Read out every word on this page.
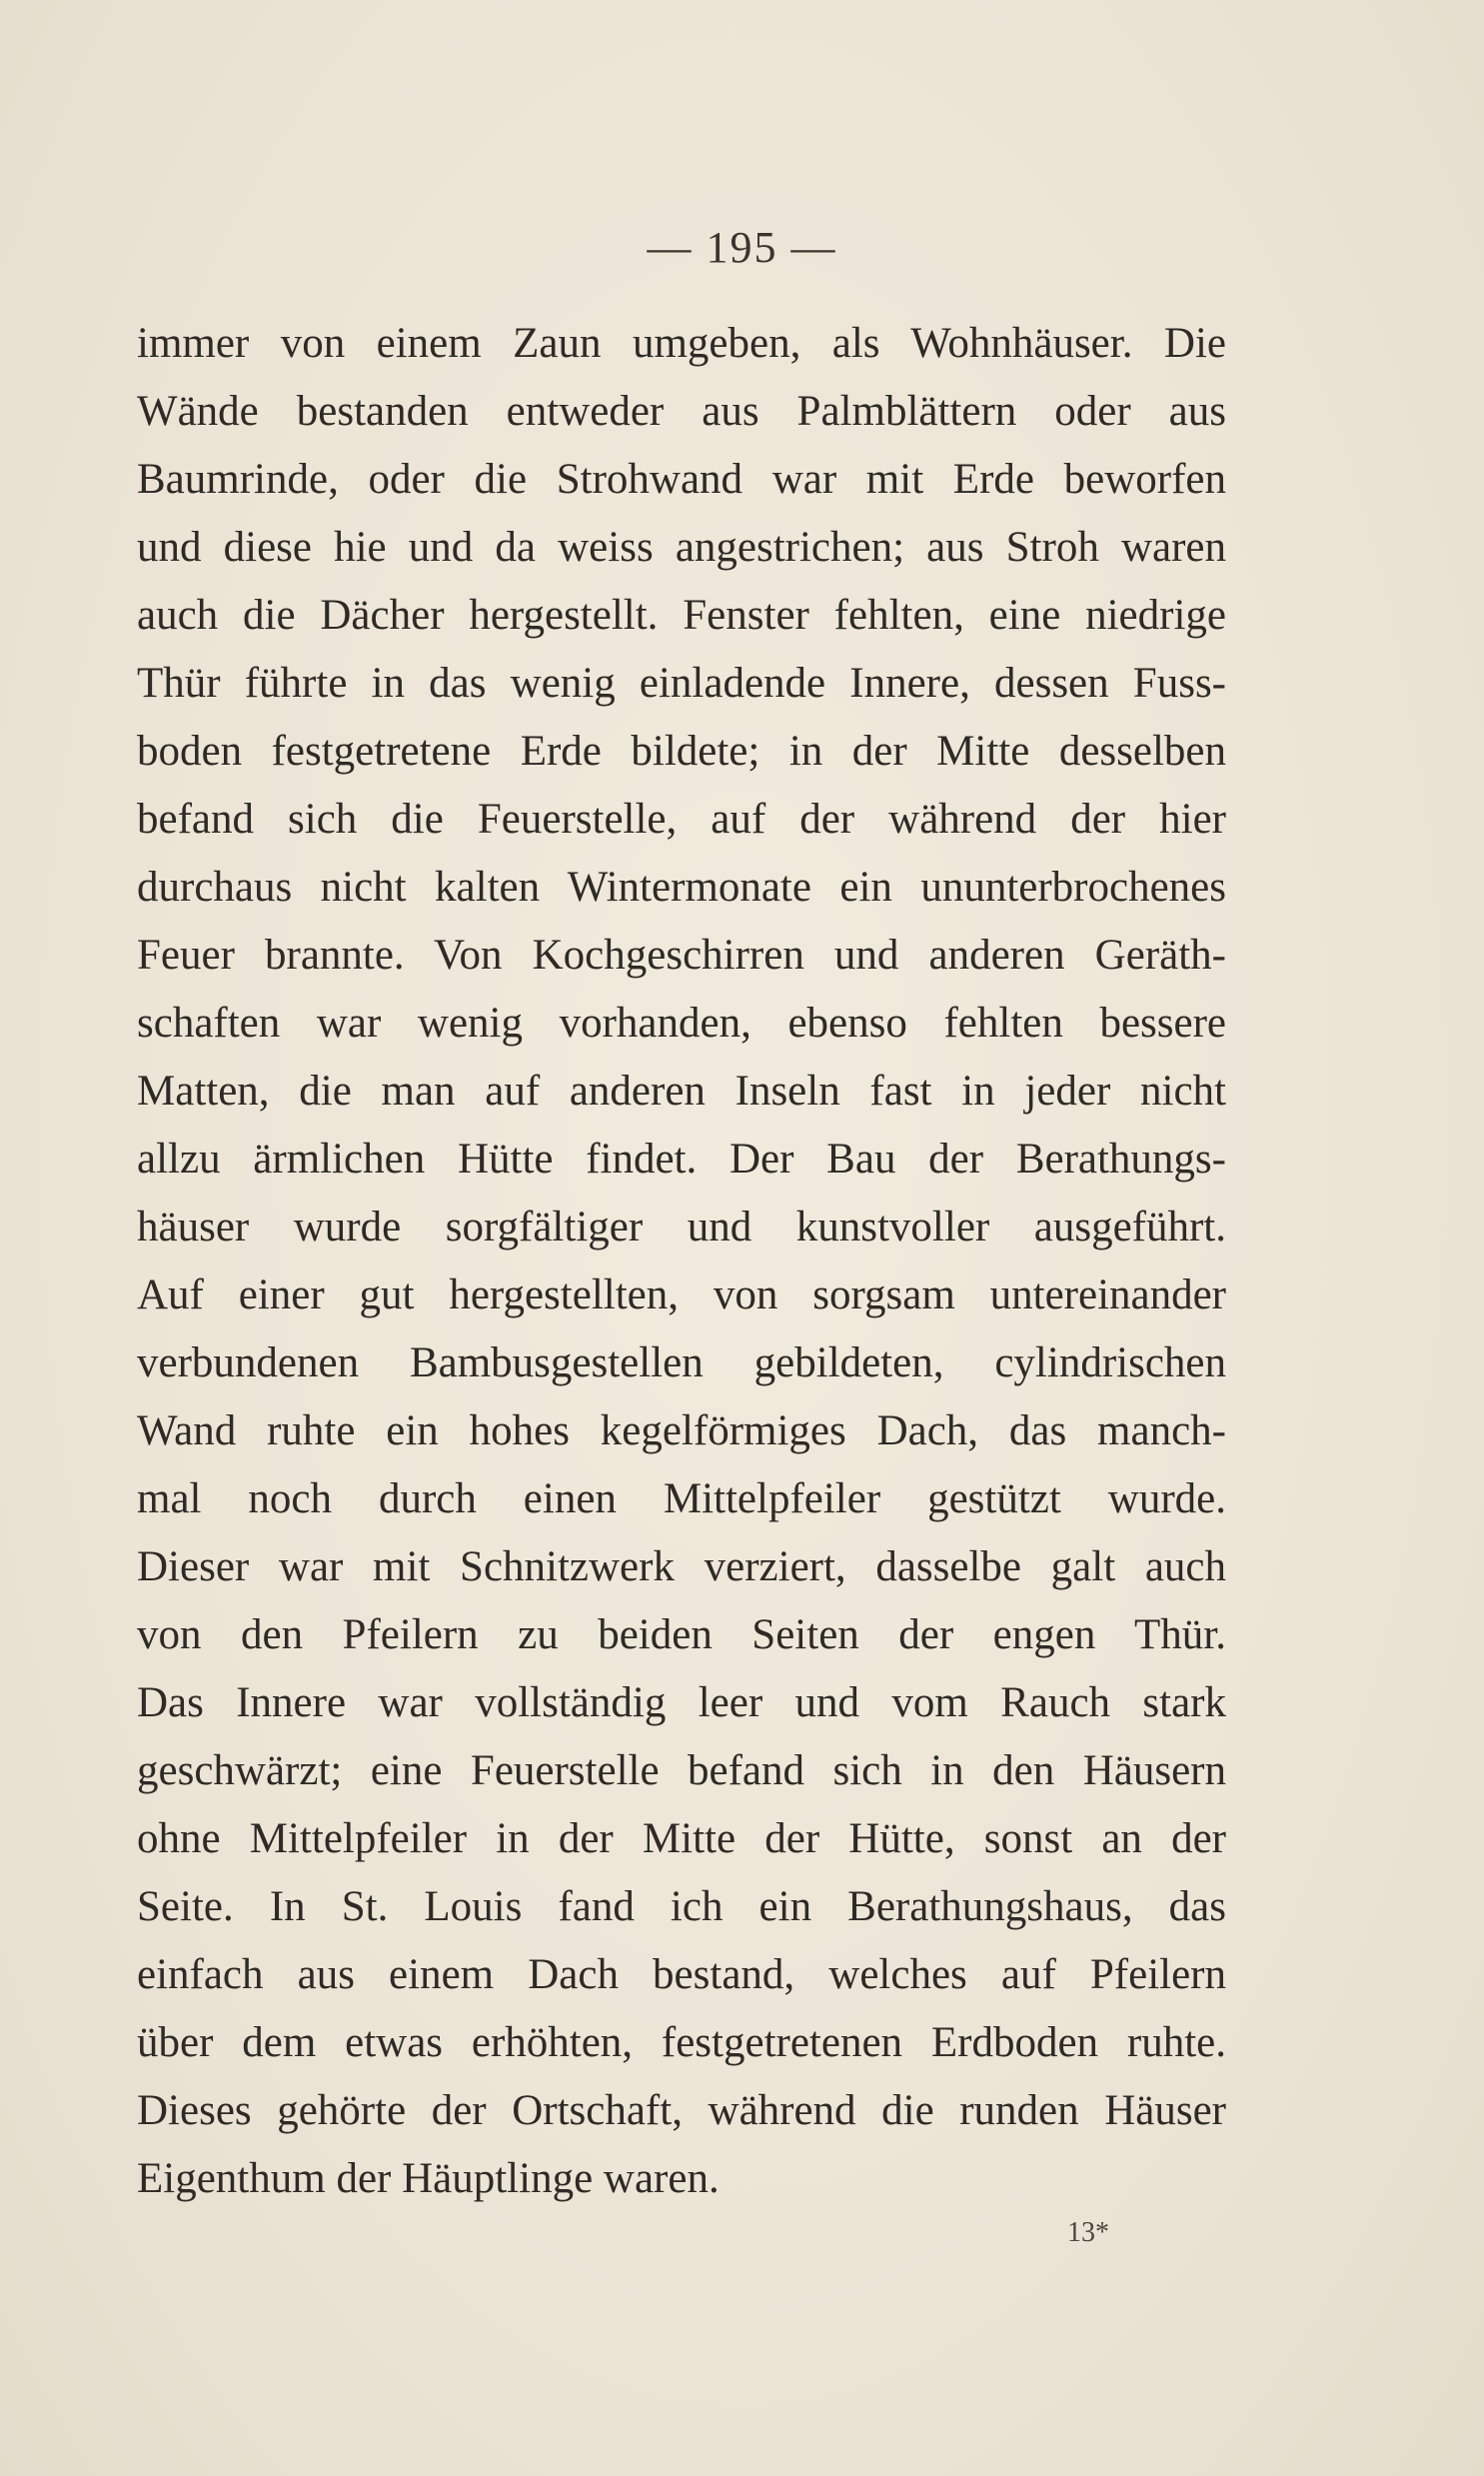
— 195 —
immer von einem Zaun umgeben, als Wohnhäuser. Die
Wände bestanden entweder aus Palmblättern oder aus
Baumrinde, oder die Strohwand war mit Erde beworfen
und diese hie und da weiss angestrichen; aus Stroh waren
auch die Dächer hergestellt. Fenster fehlten, eine niedrige
Thür führte in das wenig einladende Innere, dessen Fuss-
boden festgetretene Erde bildete; in der Mitte desselben
befand sich die Feuerstelle, auf der während der hier
durchaus nicht kalten Wintermonate ein ununterbrochenes
Feuer brannte. Von Kochgeschirren und anderen Geräth-
schaften war wenig vorhanden, ebenso fehlten bessere
Matten, die man auf anderen Inseln fast in jeder nicht
allzu ärmlichen Hütte findet. Der Bau der Berathungs-
häuser wurde sorgfältiger und kunstvoller ausgeführt.
Auf einer gut hergestellten, von sorgsam untereinander
verbundenen Bambusgestellen gebildeten, cylindrischen
Wand ruhte ein hohes kegelförmiges Dach, das manch-
mal noch durch einen Mittelpfeiler gestützt wurde.
Dieser war mit Schnitzwerk verziert, dasselbe galt auch
von den Pfeilern zu beiden Seiten der engen Thür.
Das Innere war vollständig leer und vom Rauch stark
geschwärzt; eine Feuerstelle befand sich in den Häusern
ohne Mittelpfeiler in der Mitte der Hütte, sonst an der
Seite. In St. Louis fand ich ein Berathungshaus, das
einfach aus einem Dach bestand, welches auf Pfeilern
über dem etwas erhöhten, festgetretenen Erdboden ruhte.
Dieses gehörte der Ortschaft, während die runden Häuser
Eigenthum der Häuptlinge waren.
13*
